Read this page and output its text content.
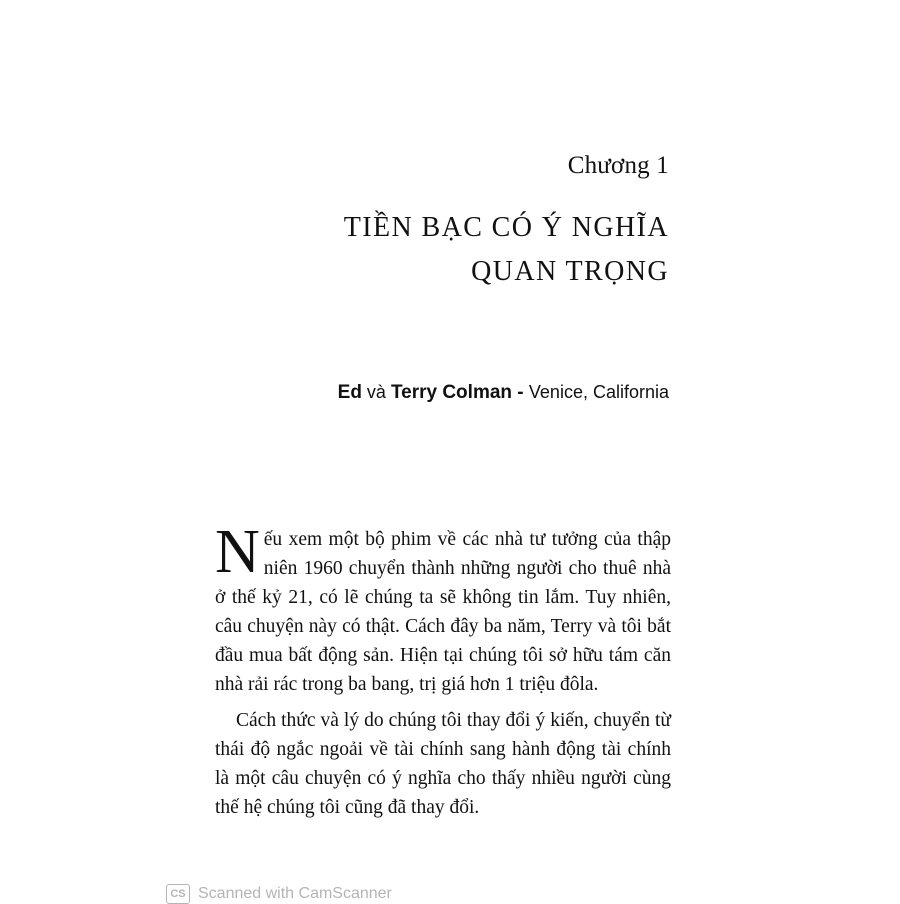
Chương 1
TIỀN BẠC CÓ Ý NGHĨA
QUAN TRỌNG
Ed và Terry Colman - Venice, California

Nếu xem một bộ phim về các nhà tư tưởng của thập niên 1960 chuyển thành những người cho thuê nhà ở thế kỷ 21, có lẽ chúng ta sẽ không tin lắm. Tuy nhiên, câu chuyện này có thật. Cách đây ba năm, Terry và tôi bắt đầu mua bất động sản. Hiện tại chúng tôi sở hữu tám căn nhà rải rác trong ba bang, trị giá hơn 1 triệu đôla.

Cách thức và lý do chúng tôi thay đổi ý kiến, chuyển từ thái độ ngắc ngoải về tài chính sang hành động tài chính là một câu chuyện có ý nghĩa cho thấy nhiều người cùng thế hệ chúng tôi cũng đã thay đổi.

CS Scanned with CamScanner
